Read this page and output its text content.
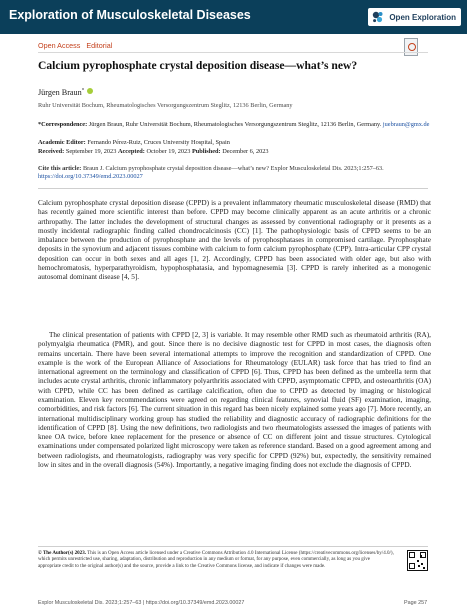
Exploration of Musculoskeletal Diseases	Open Exploration
Open Access Editorial
Calcium pyrophosphate crystal deposition disease—what’s new?
Jürgen Braun*
Ruhr Universität Bochum, Rheumatologisches Versorgungszentrum Steglitz, 12136 Berlin, Germany
*Correspondence: Jürgen Braun, Ruhr Universität Bochum, Rheumatologisches Versorgungszentrum Steglitz, 12136 Berlin, Germany. juebraun@gmx.de
Academic Editor: Fernando Pérez-Ruiz, Cruces University Hospital, Spain
Received: September 19, 2023 Accepted: October 19, 2023 Published: December 6, 2023
Cite this article: Braun J. Calcium pyrophosphate crystal deposition disease—what’s new? Explor Musculoskeletal Dis. 2023;1:257–63. https://doi.org/10.37349/emd.2023.00027

Calcium pyrophosphate crystal deposition disease (CPPD) is a prevalent inflammatory rheumatic musculoskeletal disease (RMD) that has recently gained more scientific interest than before. CPPD may become clinically apparent as an acute arthritis or a chronic arthropathy. The latter includes the development of structural changes as assessed by conventional radiography or it presents as a mostly incidental radiographic finding called chondrocalcinosis (CC) [1]. The pathophysiologic basis of CPPD seems to be an imbalance between the production of pyrophosphate and the levels of pyrophosphatases in compromised cartilage. Pyrophosphate deposits in the synovium and adjacent tissues combine with calcium to form calcium pyrophosphate (CPP). Intra-articular CPP crystal deposition can occur in both sexes and all ages [1, 2]. Accordingly, CPPD has been associated with older age, but also with hemochromatosis, hyperparathyroidism, hypophosphatasia, and hypomagnesemia [3]. CPPD is rarely inherited as a monogenic autosomal dominant disease [4, 5].

The clinical presentation of patients with CPPD [2, 3] is variable. It may resemble other RMD such as rheumatoid arthritis (RA), polymyalgia rheumatica (PMR), and gout. Since there is no decisive diagnostic test for CPPD in most cases, the diagnosis often remains uncertain. There have been several international attempts to improve the recognition and standardization of CPPD. One example is the work of the European Alliance of Associations for Rheumatology (EULAR) task force that has tried to find an international agreement on the terminology and classification of CPPD [6]. Thus, CPPD has been defined as the umbrella term that includes acute crystal arthritis, chronic inflammatory polyarthritis associated with CPPD, asymptomatic CPPD, and osteoarthritis (OA) with CPPD, while CC has been defined as cartilage calcification, often due to CPPD as detected by imaging or histological examination. Eleven key recommendations were agreed on regarding clinical features, synovial fluid (SF) examination, imaging, comorbidities, and risk factors [6]. The current situation in this regard has been nicely explained some years ago [7]. More recently, an international multidisciplinary working group has studied the reliability and diagnostic accuracy of radiographic definitions for the identification of CPPD [8]. Using the new definitions, two radiologists and two rheumatologists assessed the images of patients with knee OA twice, before knee replacement for the presence or absence of CC on different joint and tissue structures. Cytological examinations under compensated polarized light microscopy were taken as reference standard. Based on a good agreement among and between radiologists, and rheumatologists, radiography was very specific for CPPD (92%) but, expectedly, the sensitivity remained low in sites and in the overall diagnosis (54%). Importantly, a negative imaging finding does not exclude the diagnosis of CPPD.

© The Author(s) 2023. This is an Open Access article licensed under a Creative Commons Attribution 4.0 International License (https://creativecommons.org/licenses/by/4.0/), which permits unrestricted use, sharing, adaptation, distribution and reproduction in any medium or format, for any purpose, even commercially, as long as you give appropriate credit to the original author(s) and the source, provide a link to the Creative Commons license, and indicate if changes were made.

Explor Musculoskeletal Dis. 2023;1:257–63 | https://doi.org/10.37349/emd.2023.00027	Page 257
